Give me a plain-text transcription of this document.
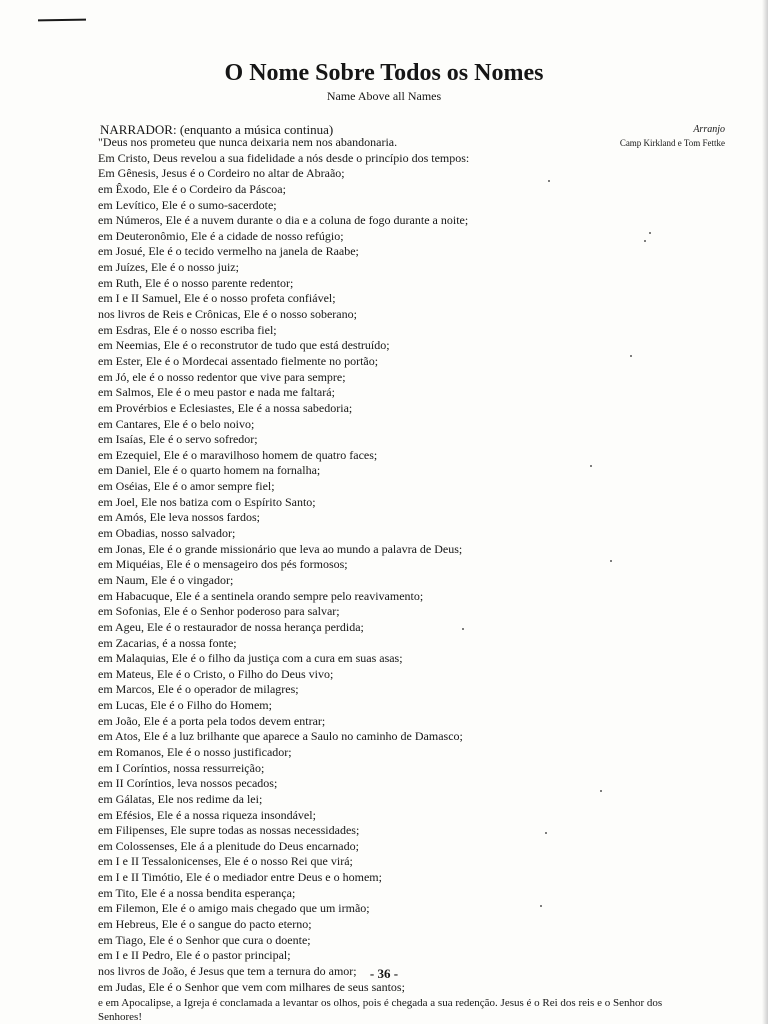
O Nome Sobre Todos os Nomes

Name Above all Names

NARRADOR: (enquanto a música continua)	Arranjo

Camp Kirkland e Tom Fettke

"Deus nos prometeu que nunca deixaria nem nos abandonaria.
Em Cristo, Deus revelou a sua fidelidade a nós desde o princípio dos tempos:
Em Gênesis, Jesus é o Cordeiro no altar de Abraão;
em Êxodo, Ele é o Cordeiro da Páscoa;
em Levítico, Ele é o sumo-sacerdote;
em Números, Ele é a nuvem durante o dia e a coluna de fogo durante a noite;
em Deuteronômio, Ele é a cidade de nosso refúgio;
em Josué, Ele é o tecido vermelho na janela de Raabe;
em Juízes, Ele é o nosso juiz;
em Ruth, Ele é o nosso parente redentor;
em I e II Samuel, Ele é o nosso profeta confiável;
nos livros de Reis e Crônicas, Ele é o nosso soberano;
em Esdras, Ele é o nosso escriba fiel;
em Neemias, Ele é o reconstrutor de tudo que está destruído;
em Ester, Ele é o Mordecai assentado fielmente no portão;
em Jó, ele é o nosso redentor que vive para sempre;
em Salmos, Ele é o meu pastor e nada me faltará;
em Provérbios e Eclesiastes, Ele é a nossa sabedoria;
em Cantares, Ele é o belo noivo;
em Isaías, Ele é o servo sofredor;
em Ezequiel, Ele é o maravilhoso homem de quatro faces;
em Daniel, Ele é o quarto homem na fornalha;
em Oséias, Ele é o amor sempre fiel;
em Joel, Ele nos batiza com o Espírito Santo;
em Amós, Ele leva nossos fardos;
em Obadias, nosso salvador;
em Jonas, Ele é o grande missionário que leva ao mundo a palavra de Deus;
em Miquéias, Ele é o mensageiro dos pés formosos;
em Naum, Ele é o vingador;
em Habacuque, Ele é a sentinela orando sempre pelo reavivamento;
em Sofonias, Ele é o Senhor poderoso para salvar;
em Ageu, Ele é o restaurador de nossa herança perdida;
em Zacarias, é a nossa fonte;
em Malaquias, Ele é o filho da justiça com a cura em suas asas;
em Mateus, Ele é o Cristo, o Filho do Deus vivo;
em Marcos, Ele é o operador de milagres;
em Lucas, Ele é o Filho do Homem;
em João, Ele é a porta pela todos devem entrar;
em Atos, Ele é a luz brilhante que aparece a Saulo no caminho de Damasco;
em Romanos, Ele é o nosso justificador;
em I Coríntios, nossa ressurreição;
em II Coríntios, leva nossos pecados;
em Gálatas, Ele nos redime da lei;
em Efésios, Ele é a nossa riqueza insondável;
em Filipenses, Ele supre todas as nossas necessidades;
em Colossenses, Ele á a plenitude do Deus encarnado;
em I e II Tessalonicenses, Ele é o nosso Rei que virá;
em I e II Timótio, Ele é o mediador entre Deus e o homem;
em Tito, Ele é a nossa bendita esperança;
em Filemon, Ele é o amigo mais chegado que um irmão;
em Hebreus, Ele é o sangue do pacto eterno;
em Tiago, Ele é o Senhor que cura o doente;
em I e II Pedro, Ele é o pastor principal;
nos livros de João, é Jesus que tem a ternura do amor;
em Judas, Ele é o Senhor que vem com milhares de seus santos;
e em Apocalipse, a Igreja é conclamada a levantar os olhos, pois é chegada a sua redenção. Jesus é o Rei dos reis e o Senhor dos Senhores!

- 36 -
